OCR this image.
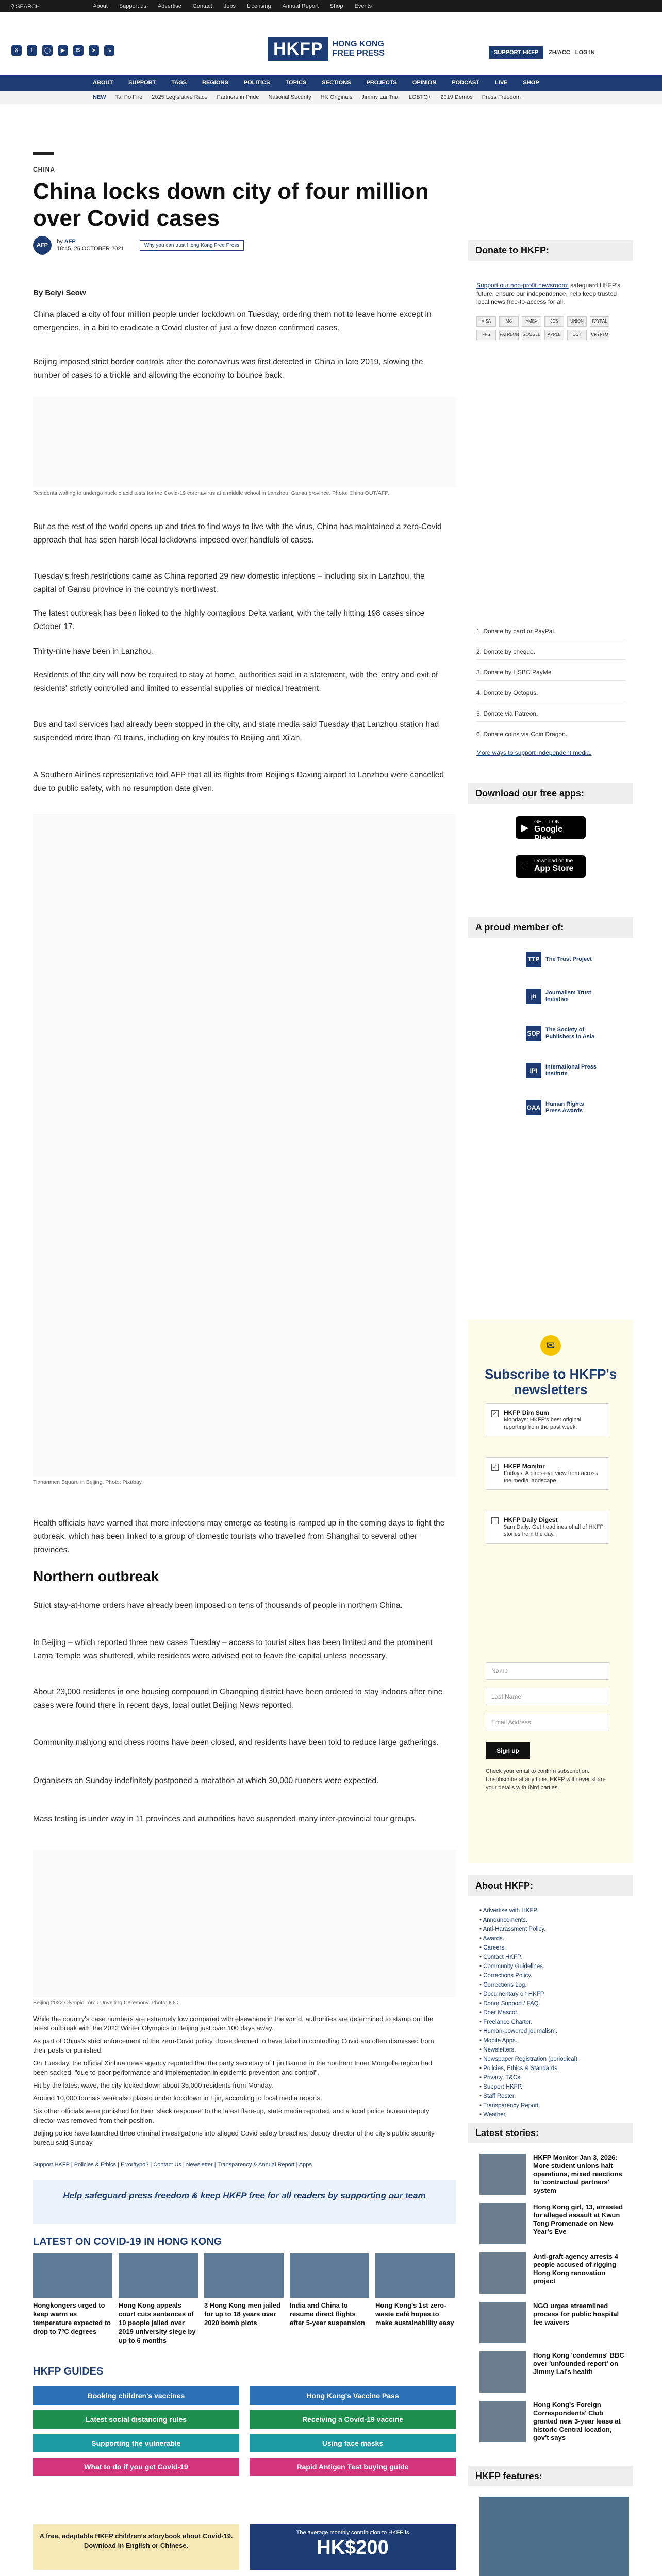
⚲ SEARCH	About Support us Advertise Contact Jobs Licensing Annual Report Shop Events
X	f	◯	▶	✉	➤	∿	HKFP	HONG KONG
FREE PRESS	SUPPORT HKFP	ZH/ACC LOG IN
ABOUT	SUPPORT	TAGS	REGIONS	POLITICS	TOPICS	SECTIONS	PROJECTS	OPINION	PODCAST	LIVE	SHOP
NEW Tai Po Fire 2025 Legislative Race Partners in Pride National Security HK Originals Jimmy Lai Trial LGBTQ+ 2019 Demos Press Freedom
CHINA
China locks down city of four million over Covid cases
AFP
by AFP
18:45, 26 OCTOBER 2021
Why you can trust Hong Kong Free Press
By Beiyi Seow
China placed a city of four million people under lockdown on Tuesday, ordering them not to leave home except in emergencies, in a bid to eradicate a Covid cluster of just a few dozen confirmed cases.
Beijing imposed strict border controls after the coronavirus was first detected in China in late 2019, slowing the number of cases to a trickle and allowing the economy to bounce back.
Residents waiting to undergo nucleic acid tests for the Covid-19 coronavirus at a middle school in Lanzhou, Gansu province. Photo: China OUT/AFP.
But as the rest of the world opens up and tries to find ways to live with the virus, China has maintained a zero-Covid approach that has seen harsh local lockdowns imposed over handfuls of cases.
Tuesday's fresh restrictions came as China reported 29 new domestic infections – including six in Lanzhou, the capital of Gansu province in the country's northwest.
The latest outbreak has been linked to the highly contagious Delta variant, with the tally hitting 198 cases since October 17.
Thirty-nine have been in Lanzhou.
Residents of the city will now be required to stay at home, authorities said in a statement, with the 'entry and exit of residents' strictly controlled and limited to essential supplies or medical treatment.
Bus and taxi services had already been stopped in the city, and state media said Tuesday that Lanzhou station had suspended more than 70 trains, including on key routes to Beijing and Xi'an.
A Southern Airlines representative told AFP that all its flights from Beijing's Daxing airport to Lanzhou were cancelled due to public safety, with no resumption date given.
Tiananmen Square in Beijing. Photo: Pixabay.
Health officials have warned that more infections may emerge as testing is ramped up in the coming days to fight the outbreak, which has been linked to a group of domestic tourists who travelled from Shanghai to several other provinces.
Northern outbreak
Strict stay-at-home orders have already been imposed on tens of thousands of people in northern China.
In Beijing – which reported three new cases Tuesday – access to tourist sites has been limited and the prominent Lama Temple was shuttered, while residents were advised not to leave the capital unless necessary.
About 23,000 residents in one housing compound in Changping district have been ordered to stay indoors after nine cases were found there in recent days, local outlet Beijing News reported.
Community mahjong and chess rooms have been closed, and residents have been told to reduce large gatherings.
Organisers on Sunday indefinitely postponed a marathon at which 30,000 runners were expected.
Mass testing is under way in 11 provinces and authorities have suspended many inter-provincial tour groups.
Beijing 2022 Olympic Torch Unveiling Ceremony. Photo: IOC.
Support HKFP | Policies & Ethics | Error/typo? | Contact Us | Newsletter | Transparency & Annual Report | Apps
Help safeguard press freedom & keep HKFP free for all readers by supporting our team
LATEST ON COVID-19 IN HONG KONG
Hongkongers urged to keep warm as temperature expected to drop to 7ºC degrees
Hong Kong appeals court cuts sentences of 10 people jailed over 2019 university siege by up to 6 months
3 Hong Kong men jailed for up to 18 years over 2020 bomb plots
India and China to resume direct flights after 5-year suspension
Hong Kong's 1st zero-waste café hopes to make sustainability easy
HKFP GUIDES
Booking children's vaccines	Hong Kong's Vaccine Pass
Latest social distancing rules	Receiving a Covid-19 vaccine
Supporting the vulnerable	Using face masks
What to do if you get Covid-19	Rapid Antigen Test buying guide
A free, adaptable HKFP children's storybook about Covid-19. Download in English or Chinese.
The average monthly contribution to HKFP is
HK$200
Donate to HKFP:
Support our non-profit newsroom: safeguard HKFP's future, ensure our independence, help keep trusted local news free-to-access for all.
VISA	MC	AMEX	JCB	UNION	PAYPAL
FPS	PATREON GOOGLE	APPLE	OCT	CRYPTO
1. Donate by card or PayPal.
2. Donate by cheque.
3. Donate by HSBC PayMe.
4. Donate by Octopus.
5. Donate via Patreon.
6. Donate coins via Coin Dragon.
More ways to support independent media.
Download our free apps:
▶
GET IT ON
Google Play
Download on the
App Store
A proud member of:
TTP	The Trust Project
jti	Journalism Trust Initiative
SOP The Society of Publishers in Asia
IPI	International Press Institute
OAA Human Rights Press Awards
✉
Subscribe to HKFP's newsletters
✓ HKFP Dim Sum
Mondays: HKFP's best original reporting from the past week.
✓ HKFP Monitor
Fridays: A birds-eye view from across the media landscape.
HKFP Daily Digest
9am Daily: Get headlines of all of HKFP stories from the day.
Name
Last Name
Email Address
Sign up
Check your email to confirm subscription. Unsubscribe at any time. HKFP will never share your details with third parties.
About HKFP:
• Advertise with HKFP.
• Announcements.
• Anti-Harassment Policy.
• Awards.
• Careers.
• Contact HKFP.
• Community Guidelines.
• Corrections Policy.
• Corrections Log.
• Documentary on HKFP.
• Donor Support / FAQ.
• Doer Mascot.
• Freelance Charter.
• Human-powered journalism.
• Mobile Apps.
• Newsletters.
• Newspaper Registration (periodical).
• Policies, Ethics & Standards.
• Privacy, T&Cs.
• Support HKFP.
• Staff Roster.
• Transparency Report.
• Weather.
Latest stories:
HKFP Monitor Jan 3, 2026: More student unions halt operations, mixed reactions to 'contractual partners' system
Hong Kong girl, 13, arrested for alleged assault at Kwun Tong Promenade on New Year's Eve
Anti-graft agency arrests 4 people accused of rigging Hong Kong renovation project
NGO urges streamlined process for public hospital fee waivers
Hong Kong 'condemns' BBC over 'unfounded report' on Jimmy Lai's health
Hong Kong's Foreign Correspondents' Club granted new 3-year lease at historic Central location, gov't says
HKFP features:

While the country's case numbers are extremely low compared with elsewhere in the world, authorities are determined to stamp out the latest outbreak with the 2022 Winter Olympics in Beijing just over 100 days away.

As part of China's strict enforcement of the zero-Covid policy, those deemed to have failed in controlling Covid are often dismissed from their posts or punished.

On Tuesday, the official Xinhua news agency reported that the party secretary of Ejin Banner in the northern Inner Mongolia region had been sacked, "due to poor performance and implementation in epidemic prevention and control".

Hit by the latest wave, the city locked down about 35,000 residents from Monday.

Around 10,000 tourists were also placed under lockdown in Ejin, according to local media reports.

Six other officials were punished for their 'slack response' to the latest flare-up, state media reported, and a local police bureau deputy director was removed from their position.

Beijing police have launched three criminal investigations into alleged Covid safety breaches, deputy director of the city's public security bureau said Sunday.
